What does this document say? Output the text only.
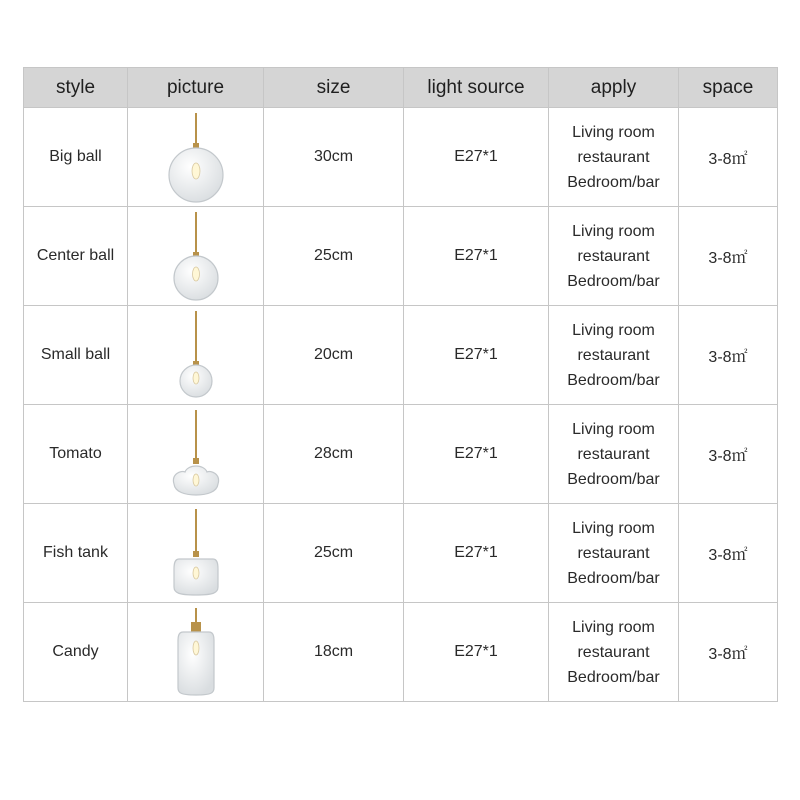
style	picture	size	light source	apply	space
Big ball		30cm	E27*1	Living room
restaurant
Bedroom/bar	3-8㎡
Center ball		25cm	E27*1	Living room
restaurant
Bedroom/bar	3-8㎡
Small ball		20cm	E27*1	Living room
restaurant
Bedroom/bar	3-8㎡
Tomato		28cm	E27*1	Living room
restaurant
Bedroom/bar	3-8㎡
Fish tank		25cm	E27*1	Living room
restaurant
Bedroom/bar	3-8㎡
Candy		18cm	E27*1	Living room
restaurant
Bedroom/bar	3-8㎡
